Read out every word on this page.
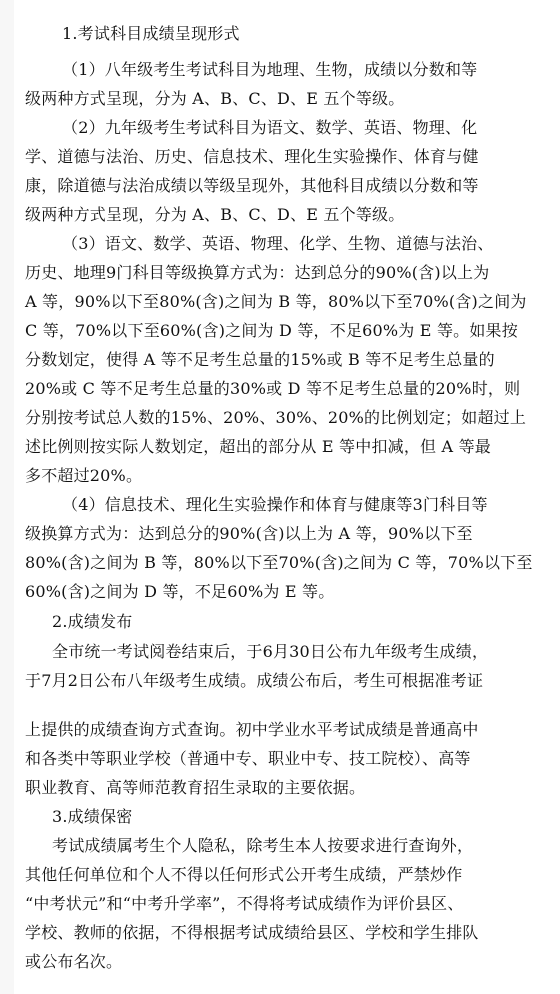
1.考试科目成绩呈现形式
（1）八年级考生考试科目为地理、生物，成绩以分数和等
级两种方式呈现，分为 A、B、C、D、E 五个等级。
（2）九年级考生考试科目为语文、数学、英语、物理、化
学、道德与法治、历史、信息技术、理化生实验操作、体育与健
康，除道德与法治成绩以等级呈现外，其他科目成绩以分数和等
级两种方式呈现，分为 A、B、C、D、E 五个等级。
（3）语文、数学、英语、物理、化学、生物、道德与法治、
历史、地理9门科目等级换算方式为：达到总分的90%(含)以上为
A 等，90%以下至80%(含)之间为 B 等，80%以下至70%(含)之间为
C 等，70%以下至60%(含)之间为 D 等，不足60%为 E 等。如果按
分数划定，使得 A 等不足考生总量的15%或 B 等不足考生总量的
20%或 C 等不足考生总量的30%或 D 等不足考生总量的20%时，则
分别按考试总人数的15%、20%、30%、20%的比例划定；如超过上
述比例则按实际人数划定，超出的部分从 E 等中扣减，但 A 等最
多不超过20%。
（4）信息技术、理化生实验操作和体育与健康等3门科目等
级换算方式为：达到总分的90%(含)以上为 A 等，90%以下至
80%(含)之间为 B 等，80%以下至70%(含)之间为 C 等，70%以下至
60%(含)之间为 D 等，不足60%为 E 等。
2.成绩发布
全市统一考试阅卷结束后，于6月30日公布九年级考生成绩，
于7月2日公布八年级考生成绩。成绩公布后，考生可根据准考证
上提供的成绩查询方式查询。初中学业水平考试成绩是普通高中
和各类中等职业学校（普通中专、职业中专、技工院校）、高等
职业教育、高等师范教育招生录取的主要依据。
3.成绩保密
考试成绩属考生个人隐私，除考生本人按要求进行查询外，
其他任何单位和个人不得以任何形式公开考生成绩，严禁炒作
“中考状元”和“中考升学率”，不得将考试成绩作为评价县区、
学校、教师的依据，不得根据考试成绩给县区、学校和学生排队
或公布名次。
